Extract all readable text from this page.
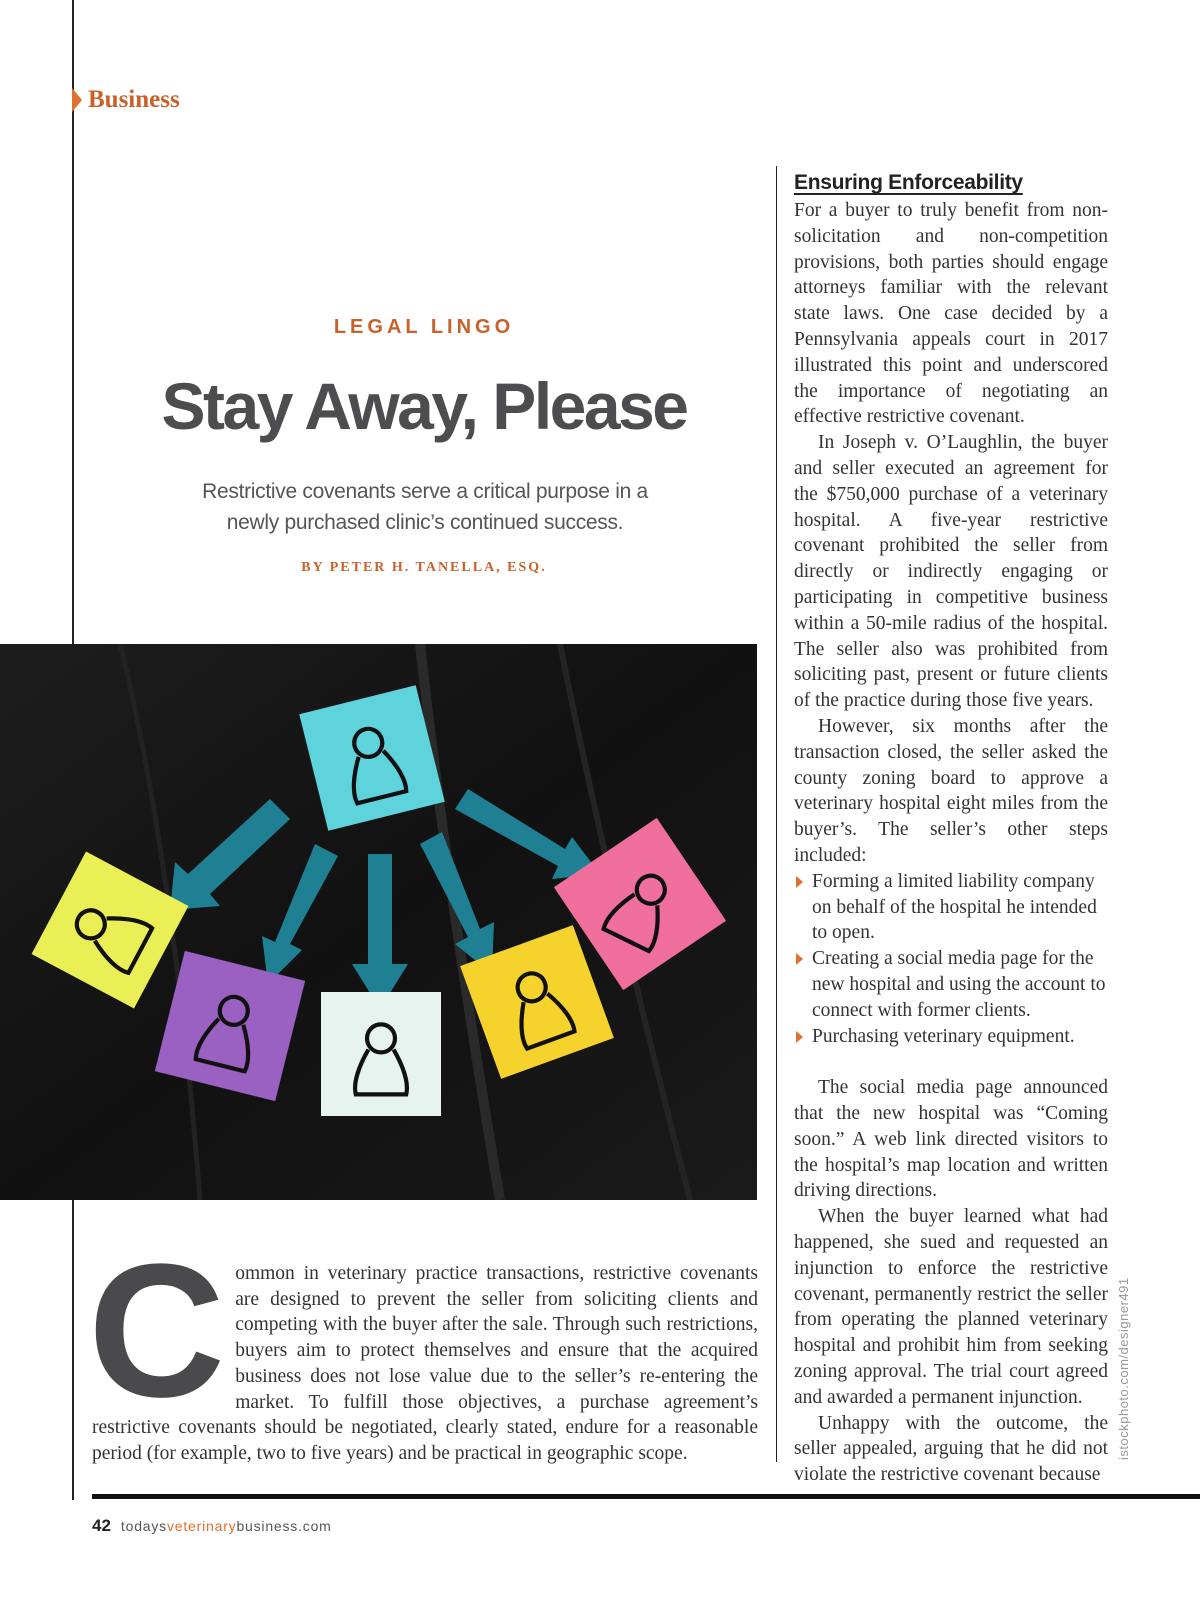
Business
LEGAL LINGO
Stay Away, Please
Restrictive covenants serve a critical purpose in a newly purchased clinic’s continued success.
BY PETER H. TANELLA, ESQ.
istockphoto.com/designer491
C ommon in veterinary practice transactions, restrictive covenants are designed to prevent the seller from soliciting clients and competing with the buyer after the sale. Through such restrictions, buyers aim to protect themselves and ensure that the acquired business does not lose value due to the seller’s re-entering the market. To fulfill those objectives, a purchase agreement’s restrictive covenants should be negotiated, clearly stated, endure for a reasonable period (for example, two to five years) and be practical in geographic scope.
Ensuring Enforceability

For a buyer to truly benefit from non-solicitation and non-competition provisions, both parties should engage attorneys familiar with the relevant state laws. One case decided by a Pennsylvania appeals court in 2017 illustrated this point and underscored the importance of negotiating an effective restrictive covenant.

In Joseph v. O’Laughlin, the buyer and seller executed an agreement for the $750,000 purchase of a veterinary hospital. A five-year restrictive covenant prohibited the seller from directly or indirectly engaging or participating in competitive business within a 50-mile radius of the hospital. The seller also was prohibited from soliciting past, present or future clients of the practice during those five years.

However, six months after the transaction closed, the seller asked the county zoning board to approve a veterinary hospital eight miles from the buyer’s. The seller’s other steps included:

Forming a limited liability company on behalf of the hospital he intended to open.
Creating a social media page for the new hospital and using the account to connect with former clients.
Purchasing veterinary equipment.

The social media page announced that the new hospital was “Coming soon.” A web link directed visitors to the hospital’s map location and written driving directions.

When the buyer learned what had happened, she sued and requested an injunction to enforce the restrictive covenant, permanently restrict the seller from operating the planned veterinary hospital and prohibit him from seeking zoning approval. The trial court agreed and awarded a permanent injunction.

Unhappy with the outcome, the seller appealed, arguing that he did not violate the restrictive covenant because

42 todaysveterinarybusiness.com
